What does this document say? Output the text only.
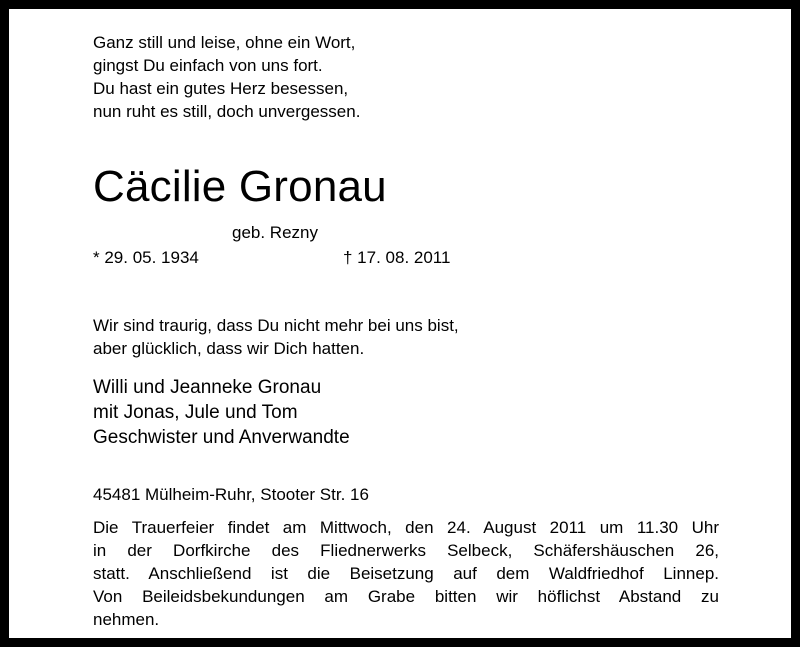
Ganz still und leise, ohne ein Wort,
gingst Du einfach von uns fort.
Du hast ein gutes Herz besessen,
nun ruht es still, doch unvergessen.
Cäcilie Gronau
geb. Rezny
* 29. 05. 1934	† 17. 08. 2011
Wir sind traurig, dass Du nicht mehr bei uns bist,
aber glücklich, dass wir Dich hatten.
Willi und Jeanneke Gronau
mit Jonas, Jule und Tom
Geschwister und Anverwandte
45481 Mülheim-Ruhr, Stooter Str. 16
Die Trauerfeier findet am Mittwoch, den 24. August 2011 um 11.30 Uhr
in der Dorfkirche des Fliednerwerks Selbeck, Schäfershäuschen 26,
statt. Anschließend ist die Beisetzung auf dem Waldfriedhof Linnep.
Von Beileidsbekundungen am Grabe bitten wir höflichst Abstand zu
nehmen.
